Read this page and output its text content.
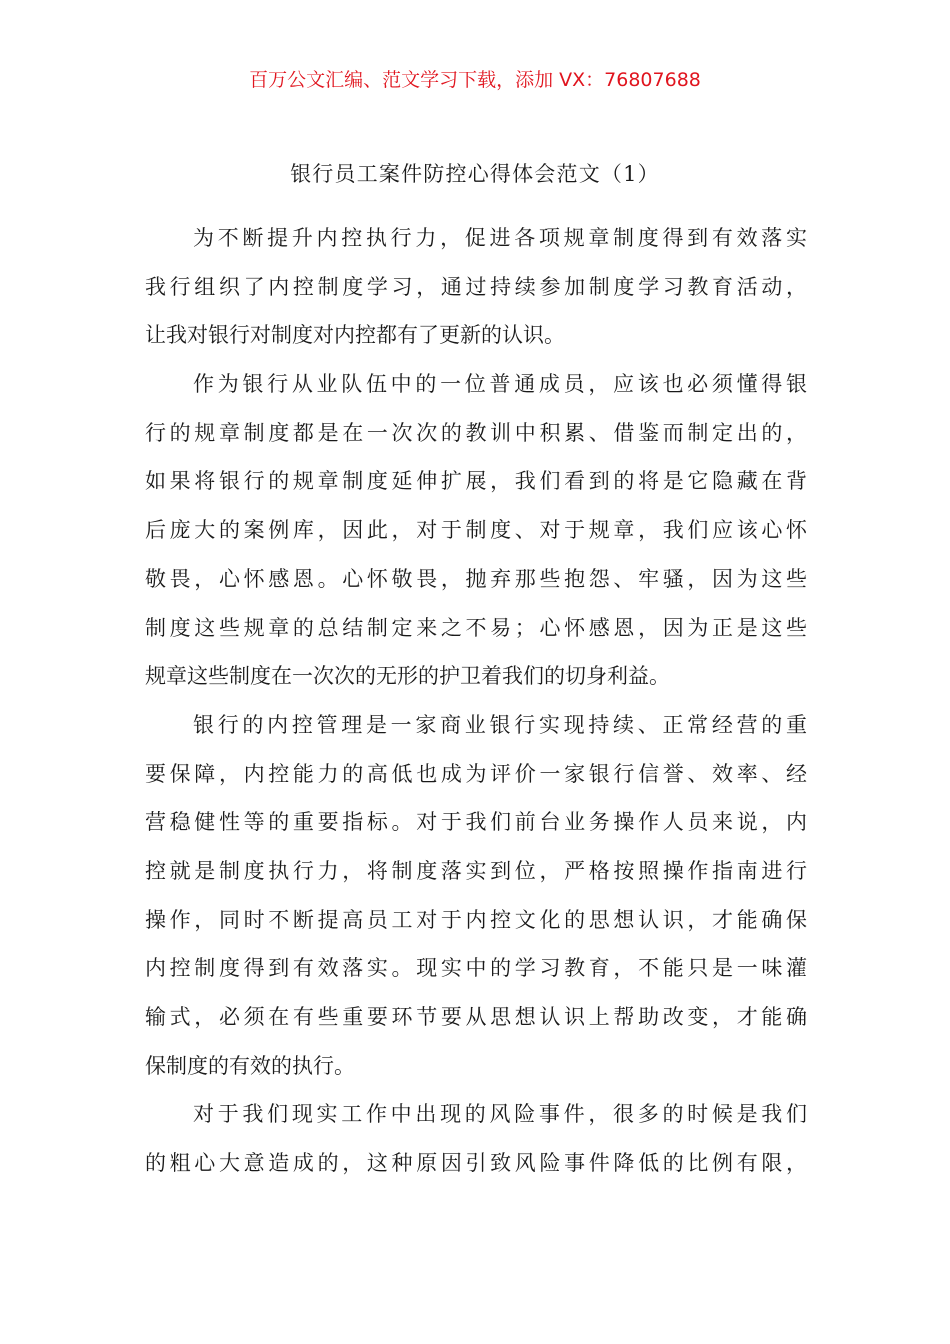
百万公文汇编、范文学习下载，添加 VX：76807688
银行员工案件防控心得体会范文（1）
为不断提升内控执行力，促进各项规章制度得到有效落实
我行组织了内控制度学习，通过持续参加制度学习教育活动，
让我对银行对制度对内控都有了更新的认识。
作为银行从业队伍中的一位普通成员，应该也必须懂得银
行的规章制度都是在一次次的教训中积累、借鉴而制定出的，
如果将银行的规章制度延伸扩展，我们看到的将是它隐藏在背
后庞大的案例库，因此，对于制度、对于规章，我们应该心怀
敬畏，心怀感恩。心怀敬畏，抛弃那些抱怨、牢骚，因为这些
制度这些规章的总结制定来之不易；心怀感恩，因为正是这些
规章这些制度在一次次的无形的护卫着我们的切身利益。
银行的内控管理是一家商业银行实现持续、正常经营的重
要保障，内控能力的高低也成为评价一家银行信誉、效率、经
营稳健性等的重要指标。对于我们前台业务操作人员来说，内
控就是制度执行力，将制度落实到位，严格按照操作指南进行
操作，同时不断提高员工对于内控文化的思想认识，才能确保
内控制度得到有效落实。现实中的学习教育，不能只是一味灌
输式，必须在有些重要环节要从思想认识上帮助改变，才能确
保制度的有效的执行。
对于我们现实工作中出现的风险事件，很多的时候是我们
的粗心大意造成的，这种原因引致风险事件降低的比例有限，
